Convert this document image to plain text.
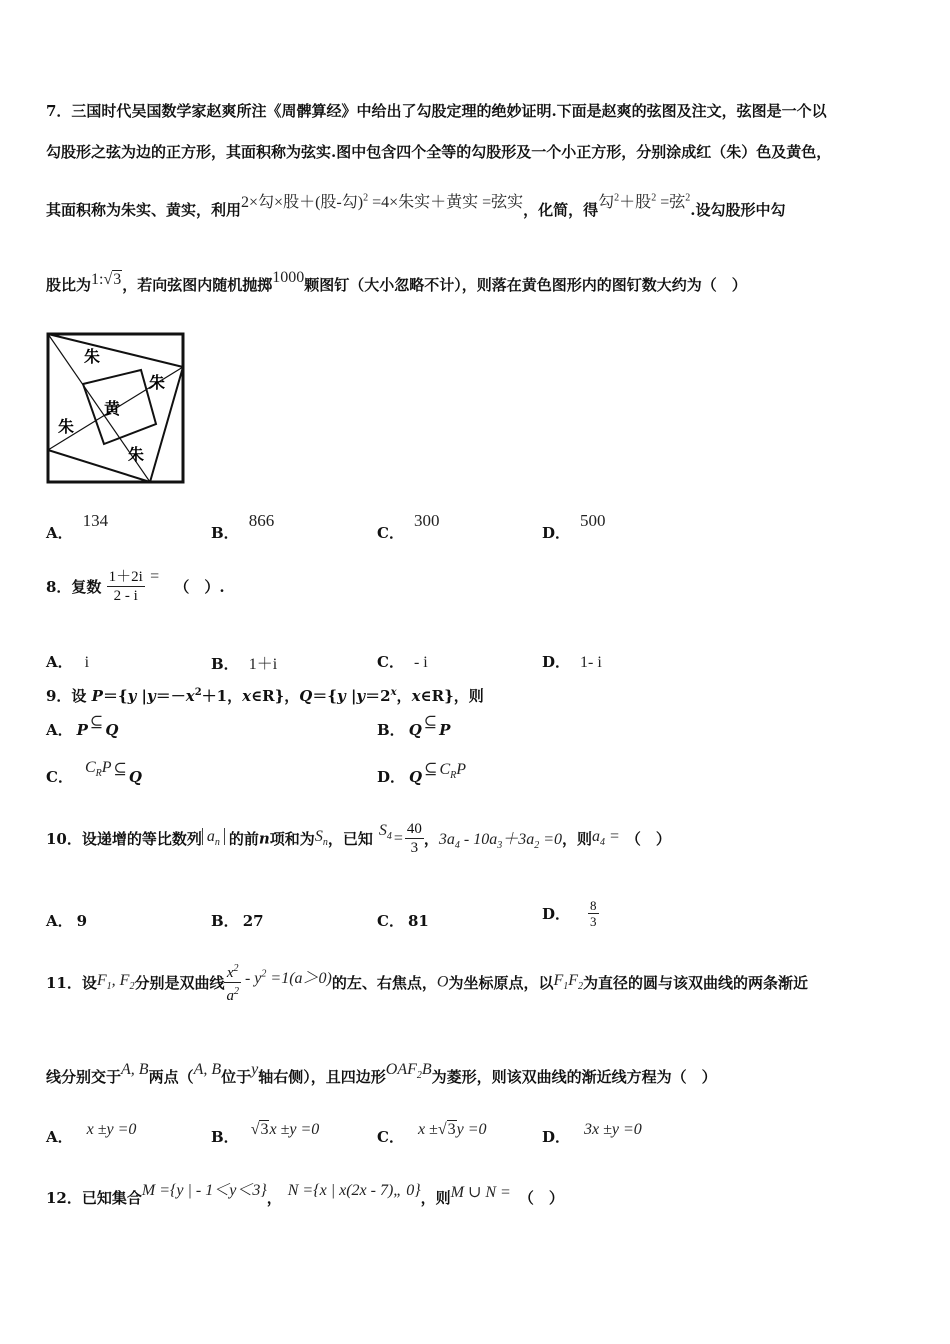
7．三国时代吴国数学家赵爽所注《周髀算经》中给出了勾股定理的绝妙证明.下面是赵爽的弦图及注文，弦图是一个以
勾股形之弦为边的正方形，其面积称为弦实.图中包含四个全等的勾股形及一个小正方形，分别涂成红（朱）色及黄色，
其面积称为朱实、黄实，利用2×勾×股＋(股-勾)$^2$ =4×朱实＋黄实 =弦实，化简，得勾$^2$＋股$^2$ =弦$^2$.设勾股形中勾
股比为1:√3，若向弦图内随机抛掷1000颗图钉（大小忽略不计），则落在黄色图形内的图钉数大约为（　）
朱
朱
黄
朱
朱
A．134
B．866
C．300
D．500
8．复数 $\frac{1+2i}{2 - i}$ = （　）.
A． i	B． 1＋i	C． - i	D． 1- i
9．设 P＝{y $|y=-x^2+1$，x∈R}，Q＝{y $|y=2^x$，x∈R}，则
A． P ⊆ Q	B． Q ⊆ P
C．$C_RP$ ⊆ Q	D． Q ⊆ $C_RP$
10．设递增的等比数列 $a_n$ 的前n项和为$S_n$，已知 $S_4 = \frac{40}{3}$ ，$3a_4 - 10a_3+3a_2 =0$，则$a_4$ = （　）
A． 9	B． 27	C． 81	D． $\frac{8}{3}$
11．设$F_1$, $F_2$分别是双曲线 $\frac{x^2}{a^2} - y^2 =1(a>0)$的左、右焦点，O为坐标原点，以$F_1F_2$为直径的圆与该双曲线的两条渐近
线分别交于A, B两点（A, B位于y轴右侧），且四边形$OAF_2B$为菱形，则该双曲线的渐近线方程为（　）
A． x ±y =0	B． √3x ±y =0	C． x ±√3y =0	D． 3x ±y =0
12．已知集合M ={y | - 1＜y＜3}， N ={x | x(2x - 7)„ 0}，则M ∪ N = （　）
